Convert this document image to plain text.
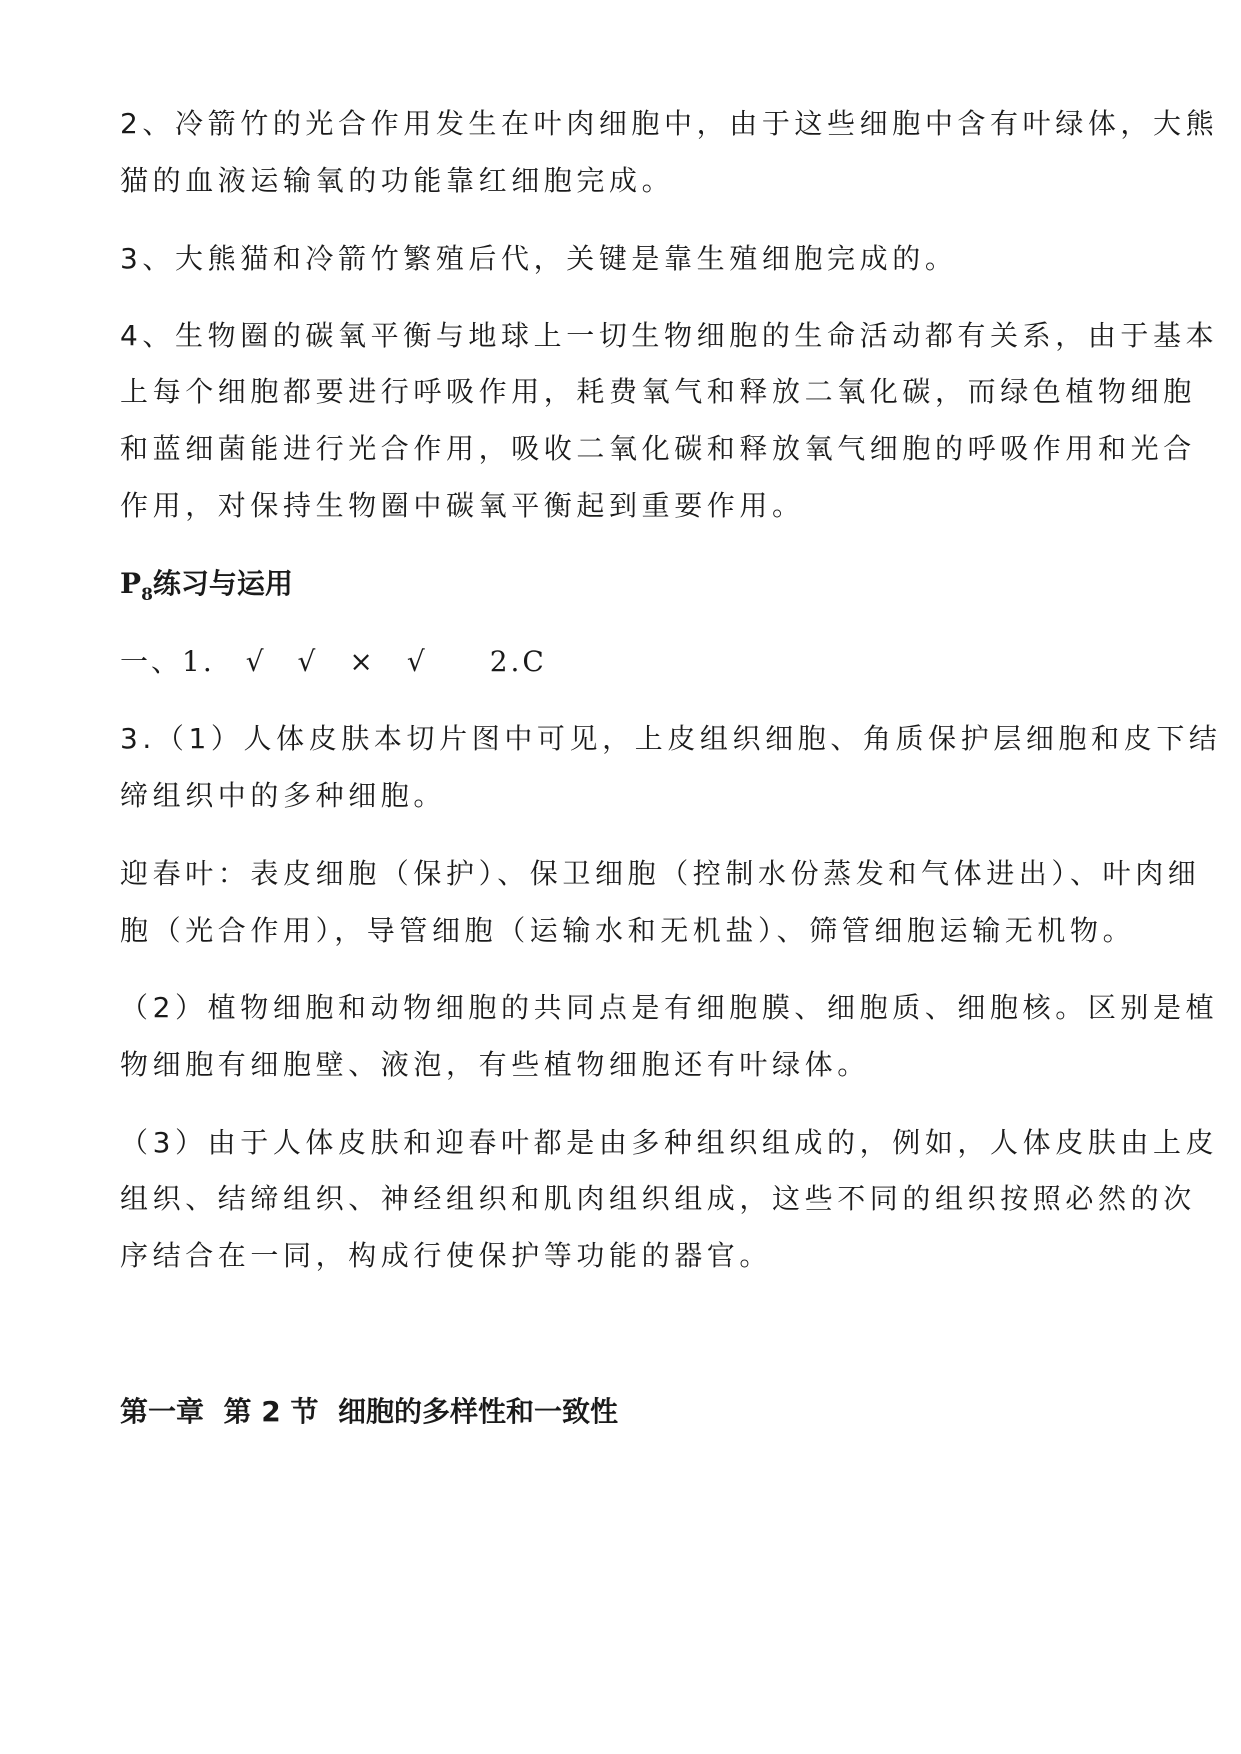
2、冷箭竹的光合作用发生在叶肉细胞中，由于这些细胞中含有叶绿体，大熊
猫的血液运输氧的功能靠红细胞完成。
3、大熊猫和冷箭竹繁殖后代，关键是靠生殖细胞完成的。
4、生物圈的碳氧平衡与地球上一切生物细胞的生命活动都有关系，由于基本
上每个细胞都要进行呼吸作用，耗费氧气和释放二氧化碳，而绿色植物细胞
和蓝细菌能进行光合作用，吸收二氧化碳和释放氧气细胞的呼吸作用和光合
作用，对保持生物圈中碳氧平衡起到重要作用。
$P_8$练习与运用
一、1.　√　√　×　√　　2.C
3.（1）人体皮肤本切片图中可见，上皮组织细胞、角质保护层细胞和皮下结
缔组织中的多种细胞。
迎春叶：表皮细胞（保护）、保卫细胞（控制水份蒸发和气体进出）、叶肉细
胞（光合作用），导管细胞（运输水和无机盐）、筛管细胞运输无机物。
（2）植物细胞和动物细胞的共同点是有细胞膜、细胞质、细胞核。区别是植
物细胞有细胞壁、液泡，有些植物细胞还有叶绿体。
（3）由于人体皮肤和迎春叶都是由多种组织组成的，例如，人体皮肤由上皮
组织、结缔组织、神经组织和肌肉组织组成，这些不同的组织按照必然的次
序结合在一同，构成行使保护等功能的器官。
第一章  第 2 节  细胞的多样性和一致性
